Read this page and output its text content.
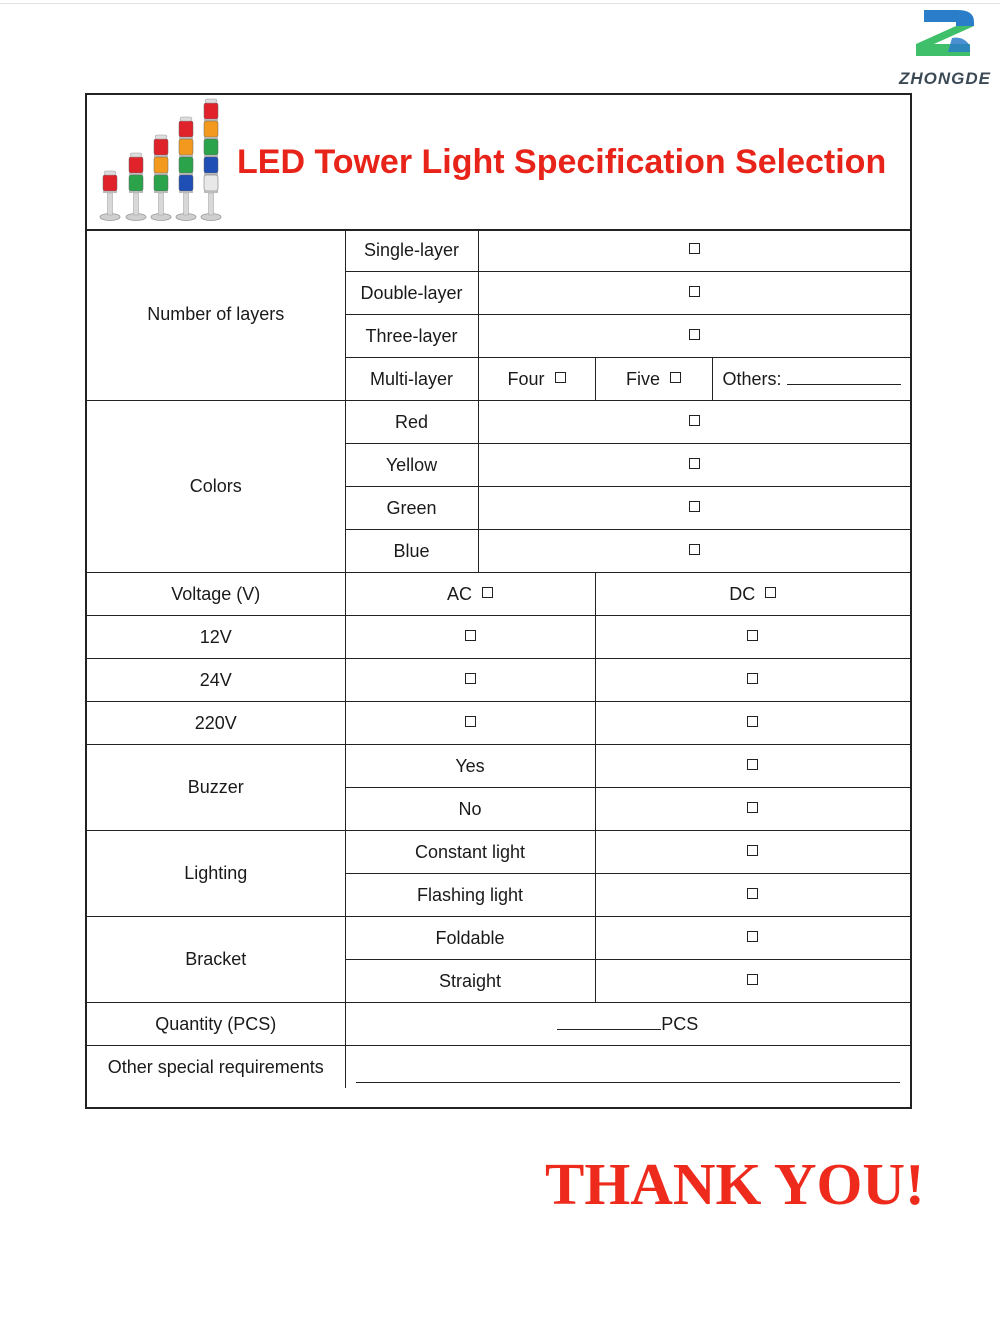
ZHONGDE
LED Tower Light Specification Selection
Number of layers	Single-layer			
	Double-layer			
	Three-layer			
	Multi-layer	Four	Five	Others:
Colors	Red			
	Yellow			
	Green			
	Blue			
Voltage (V)	AC		DC	
12V				
24V				
220V				
Buzzer	Yes			
	No			
Lighting	Constant light			
	Flashing light			
Bracket	Foldable			
	Straight			
Quantity (PCS)	PCS			
Other special requirements				
THANK YOU!
